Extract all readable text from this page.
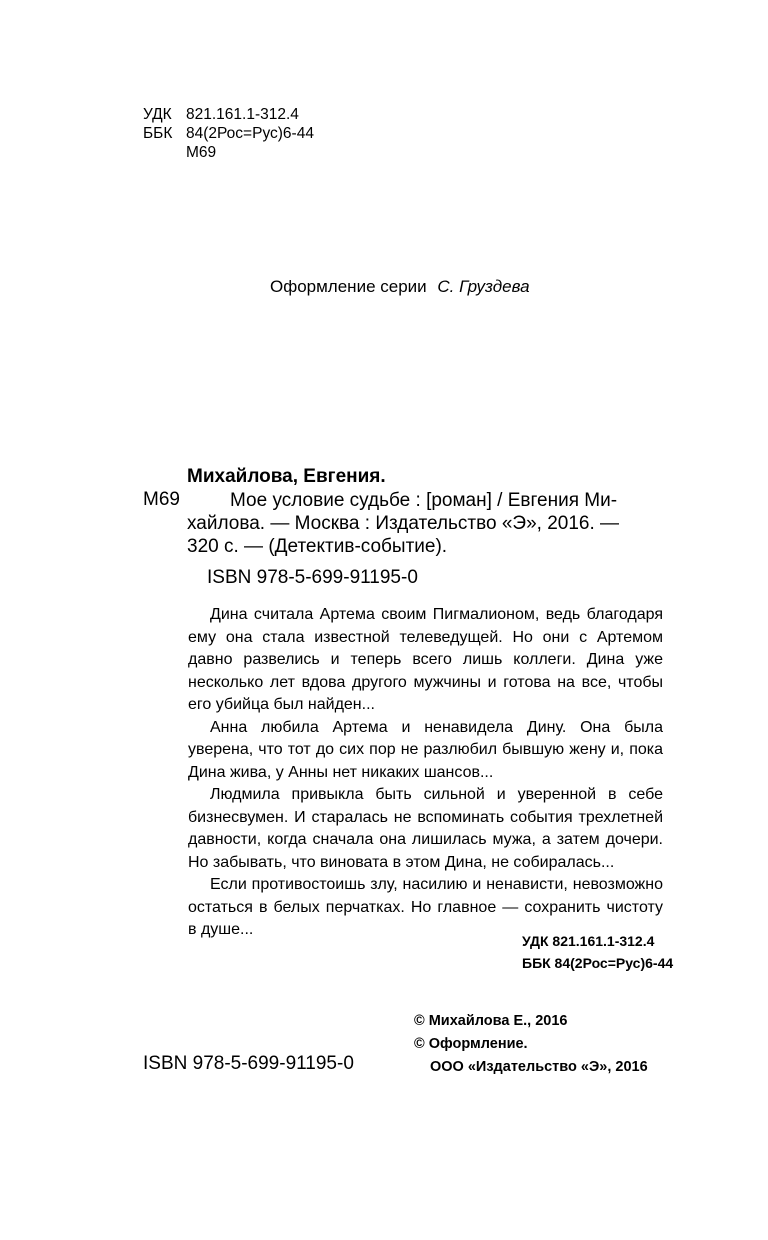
УДК 821.161.1-312.4
ББК 84(2Рос=Рус)6-44
М69
Оформление серии С. Груздева
Михайлова, Евгения.
М69	Мое условие судьбе : [роман] / Евгения Ми-
хайлова. — Москва : Издательство «Э», 2016. —
320 с. — (Детектив-событие).
ISBN 978-5-699-91195-0

Дина считала Артема своим Пигмалионом, ведь благодаря ему она стала известной телеведущей. Но они с Артемом давно развелись и теперь всего лишь коллеги. Дина уже несколько лет вдова другого мужчины и готова на все, чтобы его убийца был найден...

Анна любила Артема и ненавидела Дину. Она была уверена, что тот до сих пор не разлюбил бывшую жену и, пока Дина жива, у Анны нет никаких шансов...

Людмила привыкла быть сильной и уверенной в себе бизнесвумен. И старалась не вспоминать события трехлетней давности, когда сначала она лишилась мужа, а затем дочери. Но забывать, что виновата в этом Дина, не собиралась...

Если противостоишь злу, насилию и ненависти, невозможно остаться в белых перчатках. Но главное — сохранить чистоту в душе...

УДК 821.161.1-312.4
ББК 84(2Рос=Рус)6-44
© Михайлова Е., 2016
© Оформление.
ООО «Издательство «Э», 2016
ISBN 978-5-699-91195-0
